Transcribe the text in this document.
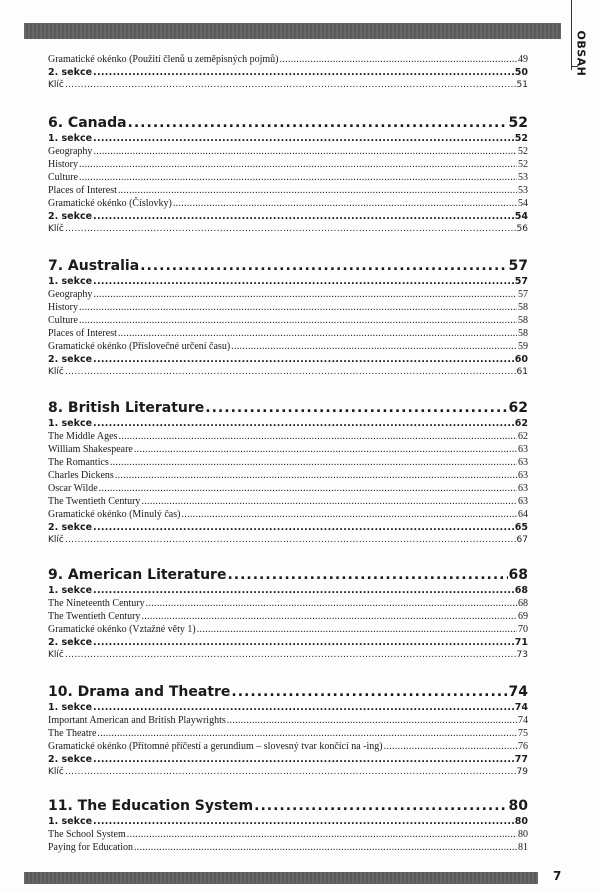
OBSAH
Gramatické okénko (Použití členů u zeměpisných pojmů) .....	49
2. sekce .....	50
Klíč .....	51
6. Canada .....	52
1. sekce .....	52
Geography .....	52
History .....	52
Culture .....	53
Places of Interest .....	53
Gramatické okénko (Číslovky) .....	54
2. sekce .....	54
Klíč .....	56
7. Australia .....	57
1. sekce .....	57
Geography .....	57
History .....	58
Culture .....	58
Places of Interest .....	58
Gramatické okénko (Příslovečné určení času) .....	59
2. sekce .....	60
Klíč .....	61
8. British Literature .....	62
1. sekce .....	62
The Middle Ages .....	62
William Shakespeare .....	63
The Romantics .....	63
Charles Dickens .....	63
Oscar Wilde .....	63
The Twentieth Century .....	63
Gramatické okénko (Minulý čas) .....	64
2. sekce .....	65
Klíč .....	67
9. American Literature .....	68
1. sekce .....	68
The Nineteenth Century .....	68
The Twentieth Century .....	69
Gramatické okénko (Vztažné věty 1) .....	70
2. sekce .....	71
Klíč .....	73
10. Drama and Theatre .....	74
1. sekce .....	74
Important American and British Playwrights .....	74
The Theatre .....	75
Gramatické okénko (Přítomné příčestí a gerundium – slovesný tvar končící na -ing) .....	76
2. sekce .....	77
Klíč .....	79
11. The Education System .....	80
1. sekce .....	80
The School System .....	80
Paying for Education .....	81
7
